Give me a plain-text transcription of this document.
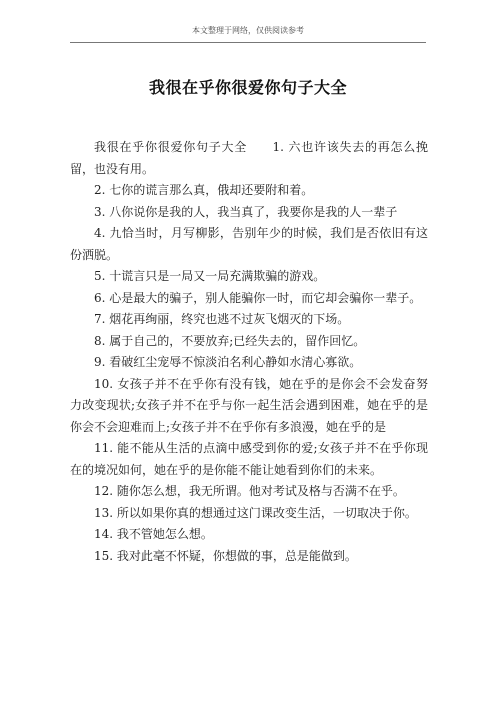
本文整理于网络，仅供阅读参考
我很在乎你很爱你句子大全

我很在乎你很爱你句子大全　　1. 六也许该失去的再怎么挽留，也没有用。

2. 七你的谎言那么真，俄却还要附和着。

3. 八你说你是我的人，我当真了，我要你是我的人一辈子

4. 九恰当时，月写柳影，告别年少的时候，我们是否依旧有这份洒脱。

5. 十谎言只是一局又一局充满欺骗的游戏。

6. 心是最大的骗子，别人能骗你一时，而它却会骗你一辈子。

7. 烟花再绚丽，终究也逃不过灰飞烟灭的下场。

8. 属于自己的，不要放弃;已经失去的，留作回忆。

9. 看破红尘宠辱不惊淡泊名利心静如水清心寡欲。

10. 女孩子并不在乎你有没有钱，她在乎的是你会不会发奋努力改变现状;女孩子并不在乎与你一起生活会遇到困难，她在乎的是你会不会迎难而上;女孩子并不在乎你有多浪漫，她在乎的是

11. 能不能从生活的点滴中感受到你的爱;女孩子并不在乎你现在的境况如何，她在乎的是你能不能让她看到你们的未来。

12. 随你怎么想，我无所谓。他对考试及格与否满不在乎。

13. 所以如果你真的想通过这门课改变生活，一切取决于你。

14. 我不管她怎么想。

15. 我对此毫不怀疑，你想做的事，总是能做到。
